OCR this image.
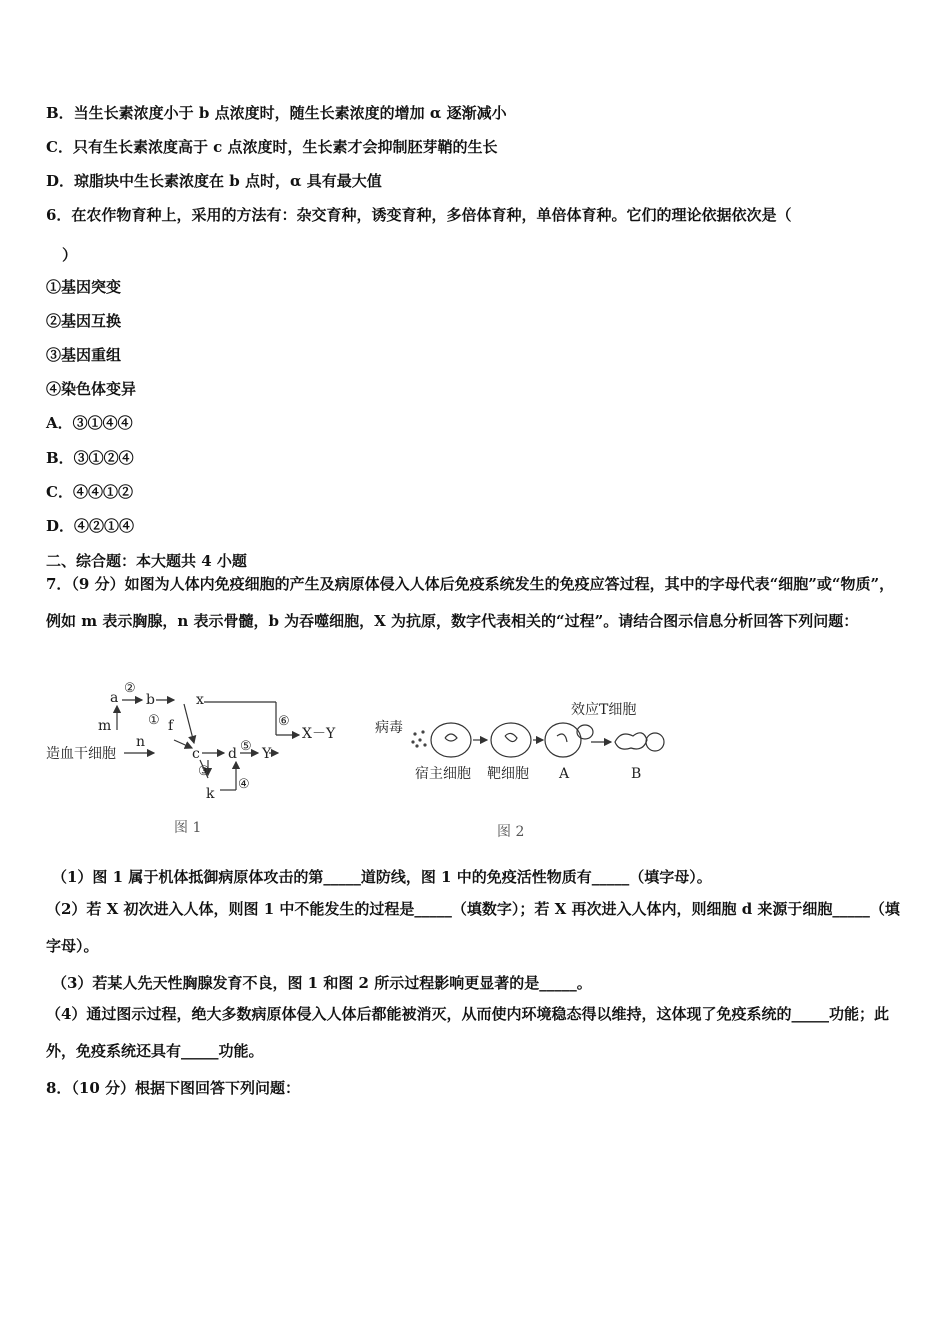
B．当生长素浓度小于 b 点浓度时，随生长素浓度的增加 α 逐渐减小
C．只有生长素浓度高于 c 点浓度时，生长素才会抑制胚芽鞘的生长
D．琼脂块中生长素浓度在 b 点时，α 具有最大值
6．在农作物育种上，采用的方法有：杂交育种，诱变育种，多倍体育种，单倍体育种。它们的理论依据依次是（
）
①基因突变
②基因互换
③基因重组
④染色体变异
A．③①④④
B．③①②④
C．④④①②
D．④②①④
二、综合题：本大题共 4 小题
7．（9 分）如图为人体内免疫细胞的产生及病原体侵入人体后免疫系统发生的免疫应答过程，其中的字母代表“细胞”或“物质”，例如 m 表示胸腺，n 表示骨髓，b 为吞噬细胞，X 为抗原，数字代表相关的“过程”。请结合图示信息分析回答下列问题：
造血干细胞
a b
c d
f
k
m
n
x
Y
①
②
③
④
⑤
⑥
X－Y
图 1
病毒
宿主细胞 靶细胞
效应T细胞
A	B
图 2
（1）图 1 属于机体抵御病原体攻击的第_____道防线，图 1 中的免疫活性物质有_____（填字母）。
（2）若 X 初次进入人体，则图 1 中不能发生的过程是_____（填数字）；若 X 再次进入人体内，则细胞 d 来源于细胞_____（填字母）。
（3）若某人先天性胸腺发育不良，图 1 和图 2 所示过程影响更显著的是_____。
（4）通过图示过程，绝大多数病原体侵入人体后都能被消灭，从而使内环境稳态得以维持，这体现了免疫系统的_____功能；此外，免疫系统还具有_____功能。
8．（10 分）根据下图回答下列问题：
